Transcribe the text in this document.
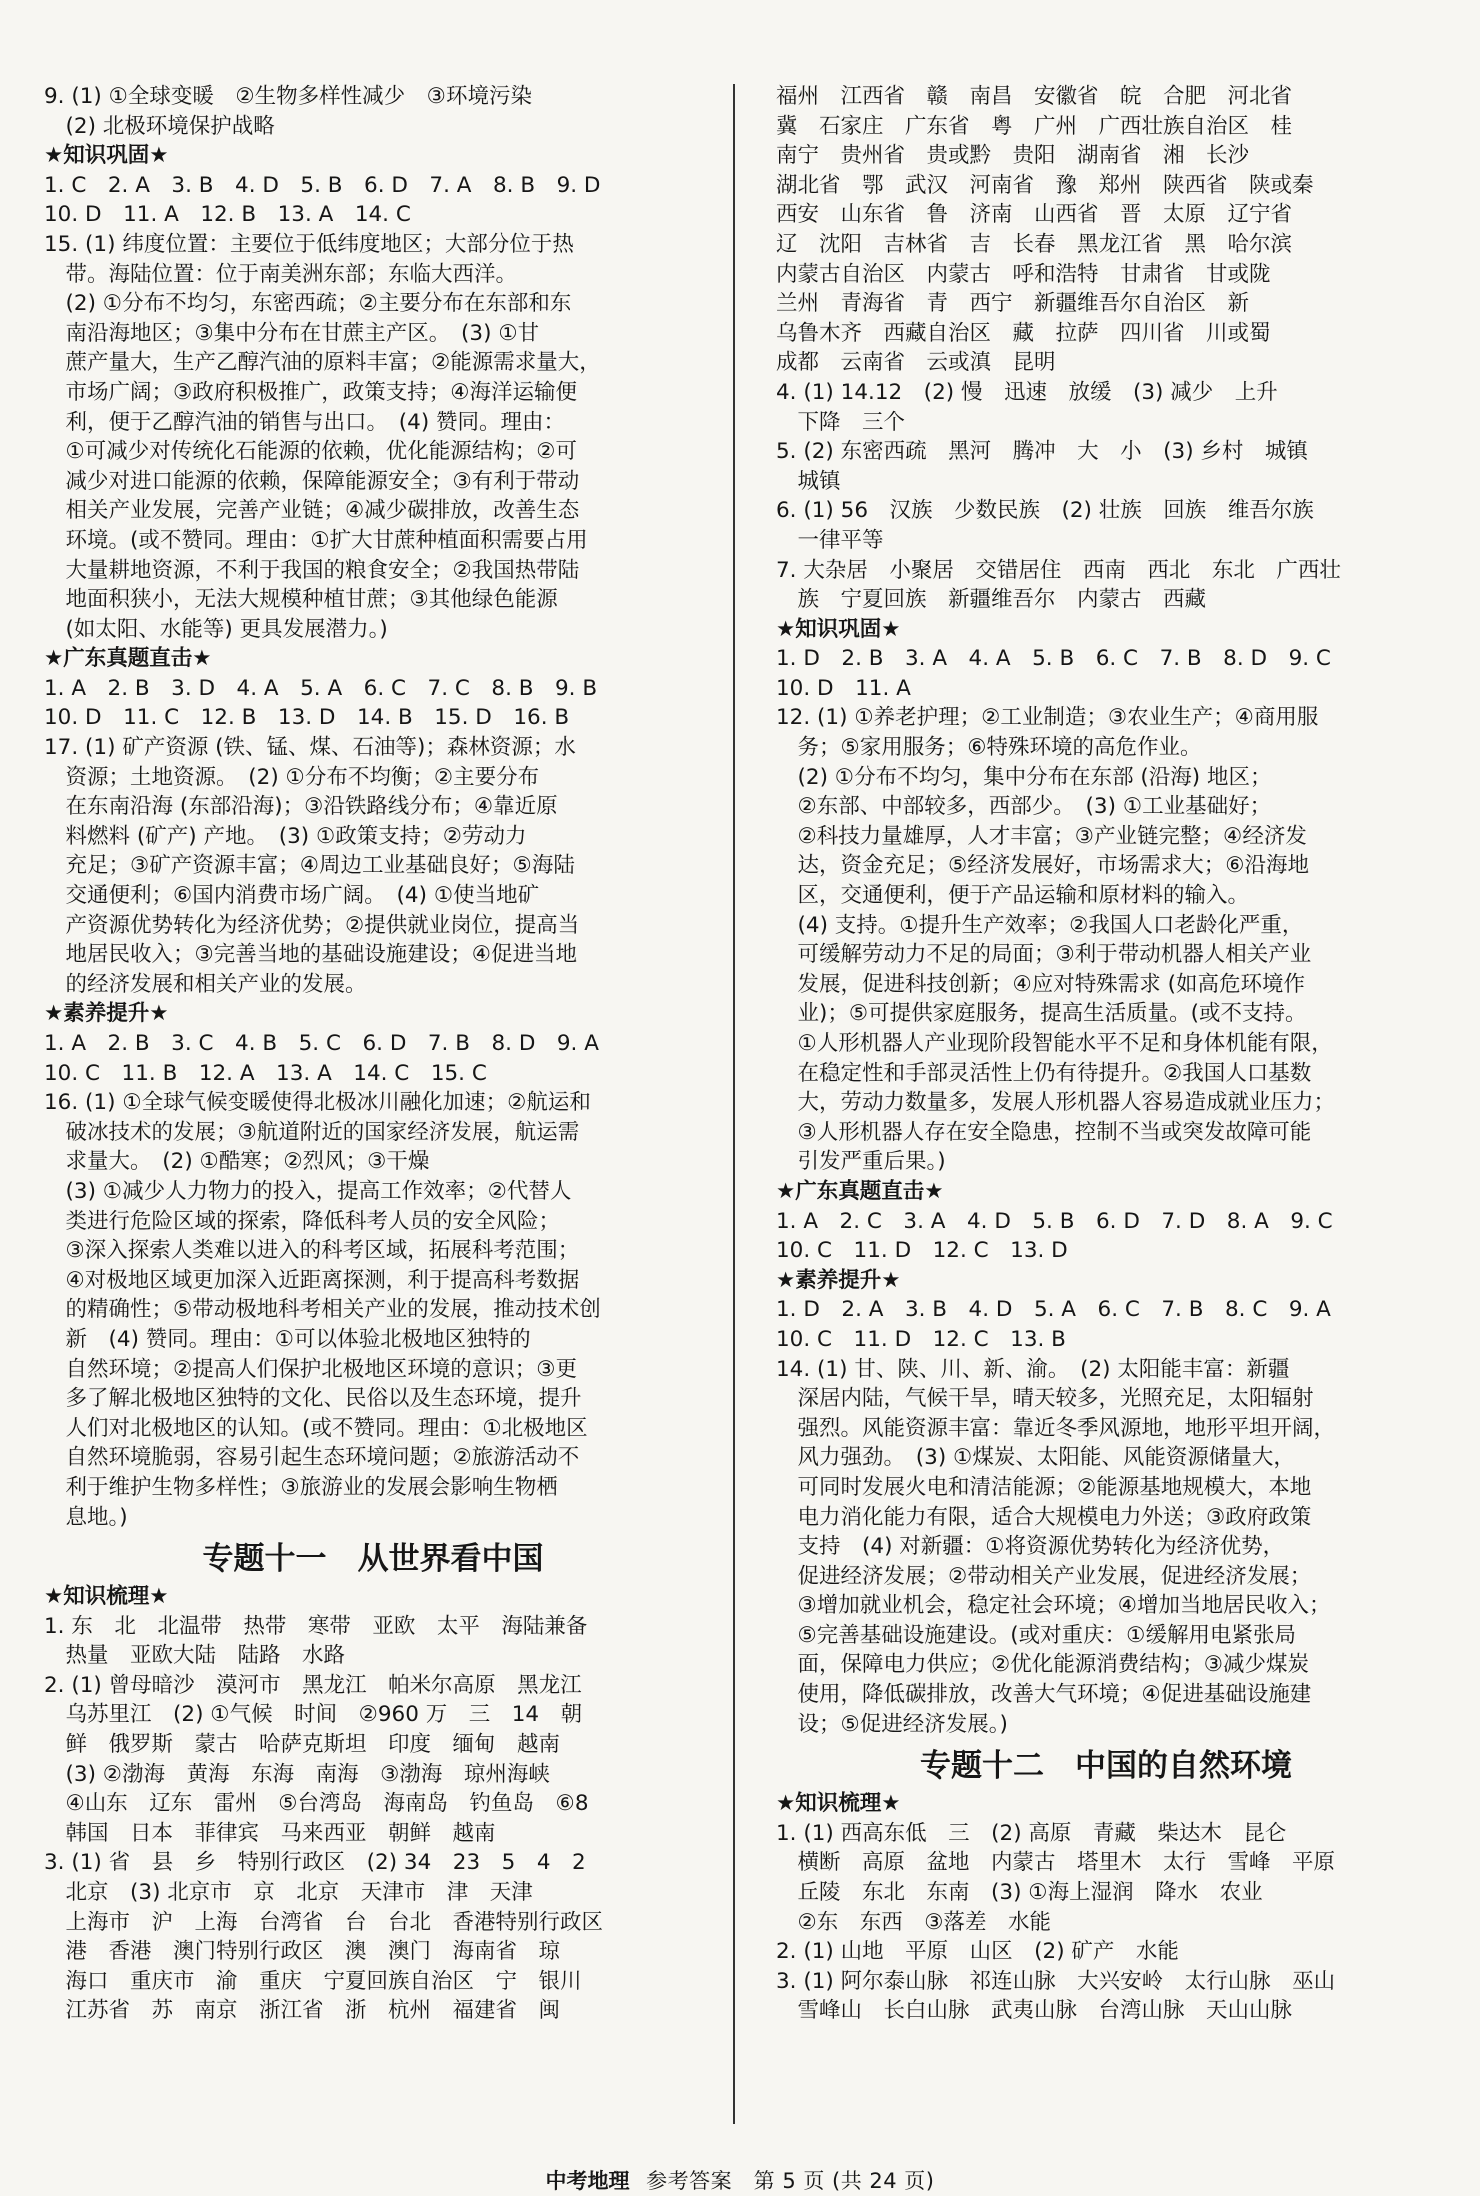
9. (1) ①全球变暖　②生物多样性减少　③环境污染
　(2) 北极环境保护战略
★知识巩固★
1. C　2. A　3. B　4. D　5. B　6. D　7. A　8. B　9. D
10. D　11. A　12. B　13. A　14. C
15. (1) 纬度位置：主要位于低纬度地区；大部分位于热
　带。海陆位置：位于南美洲东部；东临大西洋。
　(2) ①分布不均匀，东密西疏；②主要分布在东部和东
　南沿海地区；③集中分布在甘蔗主产区。　(3) ①甘
　蔗产量大，生产乙醇汽油的原料丰富；②能源需求量大，
　市场广阔；③政府积极推广，政策支持；④海洋运输便
　利，便于乙醇汽油的销售与出口。　(4) 赞同。理由：
　①可减少对传统化石能源的依赖，优化能源结构；②可
　减少对进口能源的依赖，保障能源安全；③有利于带动
　相关产业发展，完善产业链；④减少碳排放，改善生态
　环境。(或不赞同。理由：①扩大甘蔗种植面积需要占用
　大量耕地资源，不利于我国的粮食安全；②我国热带陆
　地面积狭小，无法大规模种植甘蔗；③其他绿色能源
　(如太阳、水能等) 更具发展潜力。)
★广东真题直击★
1. A　2. B　3. D　4. A　5. A　6. C　7. C　8. B　9. B
10. D　11. C　12. B　13. D　14. B　15. D　16. B
17. (1) 矿产资源 (铁、锰、煤、石油等)；森林资源；水
　资源；土地资源。　(2) ①分布不均衡；②主要分布
　在东南沿海 (东部沿海)；③沿铁路线分布；④靠近原
　料燃料 (矿产) 产地。　(3) ①政策支持；②劳动力
　充足；③矿产资源丰富；④周边工业基础良好；⑤海陆
　交通便利；⑥国内消费市场广阔。　(4) ①使当地矿
　产资源优势转化为经济优势；②提供就业岗位，提高当
　地居民收入；③完善当地的基础设施建设；④促进当地
　的经济发展和相关产业的发展。
★素养提升★
1. A　2. B　3. C　4. B　5. C　6. D　7. B　8. D　9. A
10. C　11. B　12. A　13. A　14. C　15. C
16. (1) ①全球气候变暖使得北极冰川融化加速；②航运和
　破冰技术的发展；③航道附近的国家经济发展，航运需
　求量大。　(2) ①酷寒；②烈风；③干燥
　(3) ①减少人力物力的投入，提高工作效率；②代替人
　类进行危险区域的探索，降低科考人员的安全风险；
　③深入探索人类难以进入的科考区域，拓展科考范围；
　④对极地区域更加深入近距离探测，利于提高科考数据
　的精确性；⑤带动极地科考相关产业的发展，推动技术创
　新　(4) 赞同。理由：①可以体验北极地区独特的
　自然环境；②提高人们保护北极地区环境的意识；③更
　多了解北极地区独特的文化、民俗以及生态环境，提升
　人们对北极地区的认知。(或不赞同。理由：①北极地区
　自然环境脆弱，容易引起生态环境问题；②旅游活动不
　利于维护生物多样性；③旅游业的发展会影响生物栖
　息地。)
专题十一　从世界看中国
★知识梳理★
1. 东　北　北温带　热带　寒带　亚欧　太平　海陆兼备
　热量　亚欧大陆　陆路　水路
2. (1) 曾母暗沙　漠河市　黑龙江　帕米尔高原　黑龙江
　乌苏里江　(2) ①气候　时间　②960 万　三　14　朝
　鲜　俄罗斯　蒙古　哈萨克斯坦　印度　缅甸　越南
　(3) ②渤海　黄海　东海　南海　③渤海　琼州海峡
　④山东　辽东　雷州　⑤台湾岛　海南岛　钓鱼岛　⑥8
　韩国　日本　菲律宾　马来西亚　朝鲜　越南
3. (1) 省　县　乡　特别行政区　(2) 34　23　5　4　2
　北京　(3) 北京市　京　北京　天津市　津　天津
　上海市　沪　上海　台湾省　台　台北　香港特别行政区
　港　香港　澳门特别行政区　澳　澳门　海南省　琼
　海口　重庆市　渝　重庆　宁夏回族自治区　宁　银川
　江苏省　苏　南京　浙江省　浙　杭州　福建省　闽
福州　江西省　赣　南昌　安徽省　皖　合肥　河北省
冀　石家庄　广东省　粤　广州　广西壮族自治区　桂
南宁　贵州省　贵或黔　贵阳　湖南省　湘　长沙
湖北省　鄂　武汉　河南省　豫　郑州　陕西省　陕或秦
西安　山东省　鲁　济南　山西省　晋　太原　辽宁省
辽　沈阳　吉林省　吉　长春　黑龙江省　黑　哈尔滨
内蒙古自治区　内蒙古　呼和浩特　甘肃省　甘或陇
兰州　青海省　青　西宁　新疆维吾尔自治区　新
乌鲁木齐　西藏自治区　藏　拉萨　四川省　川或蜀
成都　云南省　云或滇　昆明
4. (1) 14.12　(2) 慢　迅速　放缓　(3) 减少　上升
　下降　三个
5. (2) 东密西疏　黑河　腾冲　大　小　(3) 乡村　城镇
　城镇
6. (1) 56　汉族　少数民族　(2) 壮族　回族　维吾尔族
　一律平等
7. 大杂居　小聚居　交错居住　西南　西北　东北　广西壮
　族　宁夏回族　新疆维吾尔　内蒙古　西藏
★知识巩固★
1. D　2. B　3. A　4. A　5. B　6. C　7. B　8. D　9. C
10. D　11. A
12. (1) ①养老护理；②工业制造；③农业生产；④商用服
　务；⑤家用服务；⑥特殊环境的高危作业。
　(2) ①分布不均匀，集中分布在东部 (沿海) 地区；
　②东部、中部较多，西部少。　(3) ①工业基础好；
　②科技力量雄厚，人才丰富；③产业链完整；④经济发
　达，资金充足；⑤经济发展好，市场需求大；⑥沿海地
　区，交通便利，便于产品运输和原材料的输入。
　(4) 支持。①提升生产效率；②我国人口老龄化严重，
　可缓解劳动力不足的局面；③利于带动机器人相关产业
　发展，促进科技创新；④应对特殊需求 (如高危环境作
　业)；⑤可提供家庭服务，提高生活质量。(或不支持。
　①人形机器人产业现阶段智能水平不足和身体机能有限，
　在稳定性和手部灵活性上仍有待提升。②我国人口基数
　大，劳动力数量多，发展人形机器人容易造成就业压力；
　③人形机器人存在安全隐患，控制不当或突发故障可能
　引发严重后果。)
★广东真题直击★
1. A　2. C　3. A　4. D　5. B　6. D　7. D　8. A　9. C
10. C　11. D　12. C　13. D
★素养提升★
1. D　2. A　3. B　4. D　5. A　6. C　7. B　8. C　9. A
10. C　11. D　12. C　13. B
14. (1) 甘、陕、川、新、渝。　(2) 太阳能丰富：新疆
　深居内陆，气候干旱，晴天较多，光照充足，太阳辐射
　强烈。风能资源丰富：靠近冬季风源地，地形平坦开阔，
　风力强劲。　(3) ①煤炭、太阳能、风能资源储量大，
　可同时发展火电和清洁能源；②能源基地规模大，本地
　电力消化能力有限，适合大规模电力外送；③政府政策
　支持　(4) 对新疆：①将资源优势转化为经济优势，
　促进经济发展；②带动相关产业发展，促进经济发展；
　③增加就业机会，稳定社会环境；④增加当地居民收入；
　⑤完善基础设施建设。(或对重庆：①缓解用电紧张局
　面，保障电力供应；②优化能源消费结构；③减少煤炭
　使用，降低碳排放，改善大气环境；④促进基础设施建
　设；⑤促进经济发展。)
专题十二　中国的自然环境
★知识梳理★
1. (1) 西高东低　三　(2) 高原　青藏　柴达木　昆仑
　横断　高原　盆地　内蒙古　塔里木　太行　雪峰　平原
　丘陵　东北　东南　(3) ①海上湿润　降水　农业
　②东　东西　③落差　水能
2. (1) 山地　平原　山区　(2) 矿产　水能
3. (1) 阿尔泰山脉　祁连山脉　大兴安岭　太行山脉　巫山
　雪峰山　长白山脉　武夷山脉　台湾山脉　天山山脉
中考地理 参考答案　第 5 页 (共 24 页)
